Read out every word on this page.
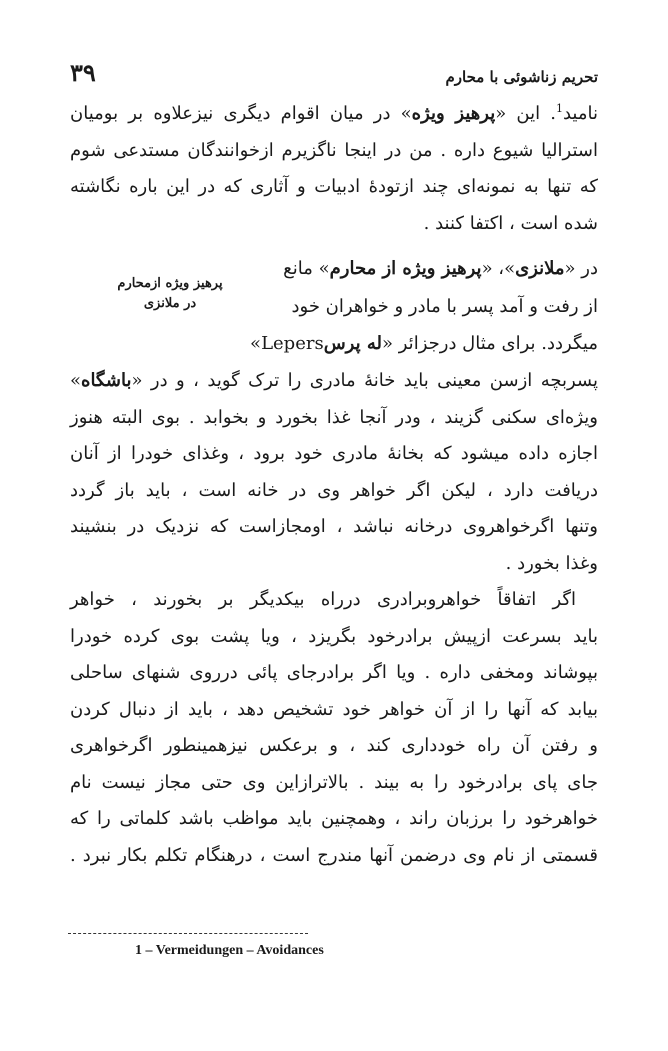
۳۹	تحریم زناشوئی با محارم
نامید$^1$. این «پرهیز ویژه» در میان اقوام دیگری نیزعلاوه بر بومیان
استرالیا شیوع داره . من در اینجا ناگزیرم ازخوانندگان مستدعی شوم
که تنها به نمونه‌ای چند ازتودهٔ ادبیات و آثاری که در این باره نگاشته
شده است ، اکتفا کنند .
در «ملانزی»، «پرهیز ویژه از محارم» مانع
از رفت و آمد پسر با مادر و خواهران خود
میگردد. برای مثال درجزائر «له پرسLepers»
پرهیز ویژه ازمحارم
در ملانزی
پسربچه ازسن معینی باید خانهٔ مادری را ترک گوید ، و در «باشگاه»
ویژه‌ای سکنی گزیند ، ودر آنجا غذا بخورد و بخوابد . بوی البته هنوز
اجازه داده میشود که بخانهٔ مادری خود برود ، وغذای خودرا از آنان
دریافت دارد ، لیکن اگر خواهر وی در خانه است ، باید باز گردد
وتنها اگرخواهروی درخانه نباشد ، اومجازاست که نزدیک در بنشیند
وغذا بخورد .
اگر اتفاقاً خواهروبرادری درراه بیکدیگر بر بخورند ، خواهر
باید بسرعت ازپیش برادرخود بگریزد ، ویا پشت بوی کرده خودرا
بپوشاند ومخفی داره . ویا اگر برادرجای پائی درروی شنهای ساحلی
بیابد که آنها را از آن خواهر خود تشخیص دهد ، باید از دنبال کردن
و رفتن آن راه خودداری کند ، و برعکس نیزهمینطور اگرخواهری
جای پای برادرخود را به بیند . بالاترازاین وی حتی مجاز نیست نام
خواهرخود را برزبان راند ، وهمچنین باید مواظب باشد کلماتی را که
قسمتی از نام وی درضمن آنها مندرج است ، درهنگام تکلم بکار نبرد .
1 – Vermeidungen – Avoidances
